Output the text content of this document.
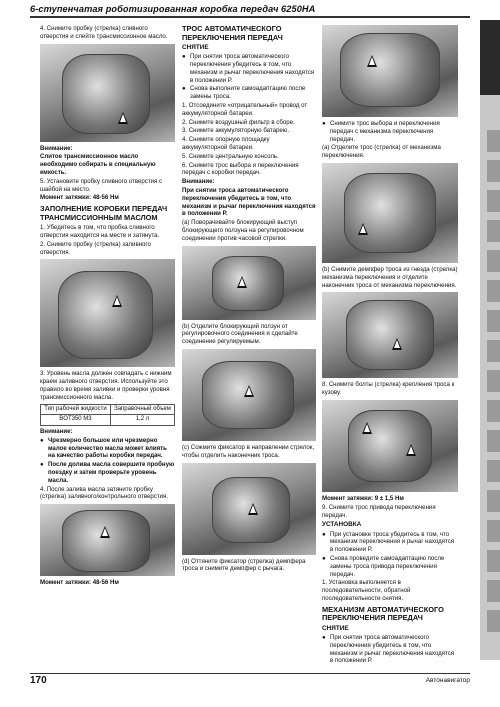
6-ступенчатая роботизированная коробка передач 6250НА

4. Снимите пробку (стрелка) сливного отверстия и слейте трансмиссионное масло.

Внимание:

Слитое трансмиссионное масло необходимо собирать в специальную емкость.

5. Установите пробку сливного отверстия с шайбой на место.

Момент затяжки: 48-56 Нм

ЗАПОЛНЕНИЕ КОРОБКИ ПЕРЕДАЧ ТРАНСМИССИОННЫМ МАСЛОМ
1. Убедитесь в том, что пробка сливного отверстия находится на месте и затянута.
2. Снимите пробку (стрелка) заливного отверстия.

3. Уровень масла должен совпадать с нижним краем заливного отверстия. Используйте это правило во время заливки и проверки уровня трансмиссионного масла.

Тип рабочей жидкости	Заправочный объем
BOT350 M3	1,2 л

Внимание:

● Чрезмерно большое или чрезмерно малое количество масла может влиять на качество работы коробки передач.
● После долива масла совершите пробную поездку и затем проверьте уровень масла.

4. После залива масла затяните пробку (стрелка) заливного/контрольного отверстия.

Момент затяжки: 48-56 Нм

ТРОС АВТОМАТИЧЕСКОГО ПЕРЕКЛЮЧЕНИЯ ПЕРЕДАЧ
СНЯТИЕ
● При снятии троса автоматического переключения убедитесь в том, что механизм и рычаг переключения находятся в положении P.
● Снова выполните самоадаптацию после замены троса.
1. Отсоедините «отрицательный» провод от аккумуляторной батареи.
2. Снимите воздушный фильтр в сборе.
3. Снимите аккумуляторную батарею.
4. Снимите опорную площадку аккумуляторной батареи.
5. Снимите центральную консоль.
6. Снимите трос выбора и переключения передач с коробки передач.

Внимание:

При снятии троса автоматического переключения убедитесь в том, что механизм и рычаг переключения находятся в положении P.

(a) Поворачивайте блокирующий выступ блокирующего ползуна на регулировочном соединении против часовой стрелки.

(b) Отделите блокирующий ползун от регулировочного соединения и сделайте соединение регулируемым.

(c) Сожмите фиксатор в направлении стрелок, чтобы отделить наконечник троса.

(d) Оттяните фиксатор (стрелка) демпфера троса и снимите демпфер с рычага.

● Снимите трос выбора и переключения передач с механизма переключения передач.

(a) Отделите трос (стрелка) от механизма переключения.

(b) Снимите демпфер троса из гнезда (стрелка) механизма переключения и отделите наконечник троса от механизма переключения.

8. Снимите болты (стрелка) крепления троса к кузову.

Момент затяжки: 9 ± 1,5 Нм

9. Снимите трос привода переключения передач.

УСТАНОВКА
● При установке троса убедитесь в том, что механизм переключения и рычаг находятся в положении P.
● Снова проведите самоадаптацию после замены троса привода переключения передач.

1. Установка выполняется в последовательности, обратной последовательности снятия.

МЕХАНИЗМ АВТОМАТИЧЕСКОГО ПЕРЕКЛЮЧЕНИЯ ПЕРЕДАЧ
СНЯТИЕ
● При снятии троса автоматического переключения убедитесь в том, что механизм и рычаг переключения находятся в положении P.
170	Автонавигатор
